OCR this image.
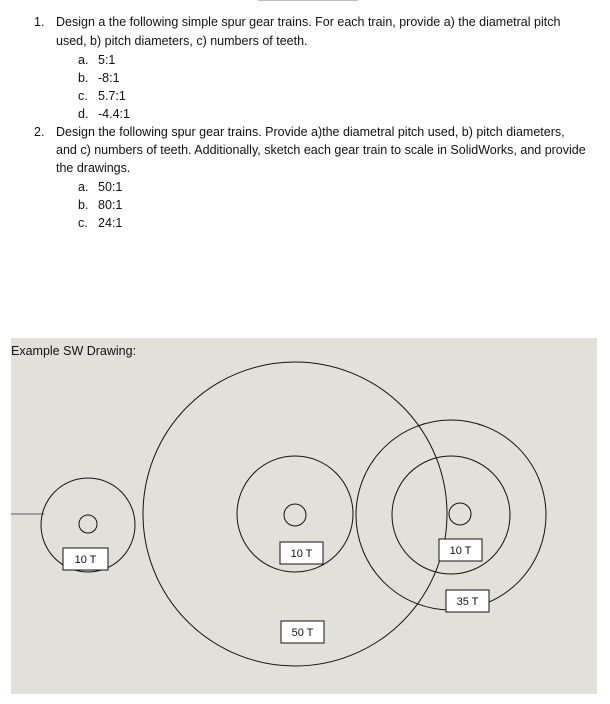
1. Design a the following simple spur gear trains. For each train, provide a) the diametral pitch
used, b) pitch diameters, c) numbers of teeth.
a. 5:1
b. -8:1
c. 5.7:1
d. -4.4:1
2. Design the following spur gear trains. Provide a)the diametral pitch used, b) pitch diameters,
and c) numbers of teeth. Additionally, sketch each gear train to scale in SolidWorks, and provide
the drawings.
a. 50:1
b. 80:1
c. 24:1
Example SW Drawing:
10 T	10 T	10 T
35 T
50 T
